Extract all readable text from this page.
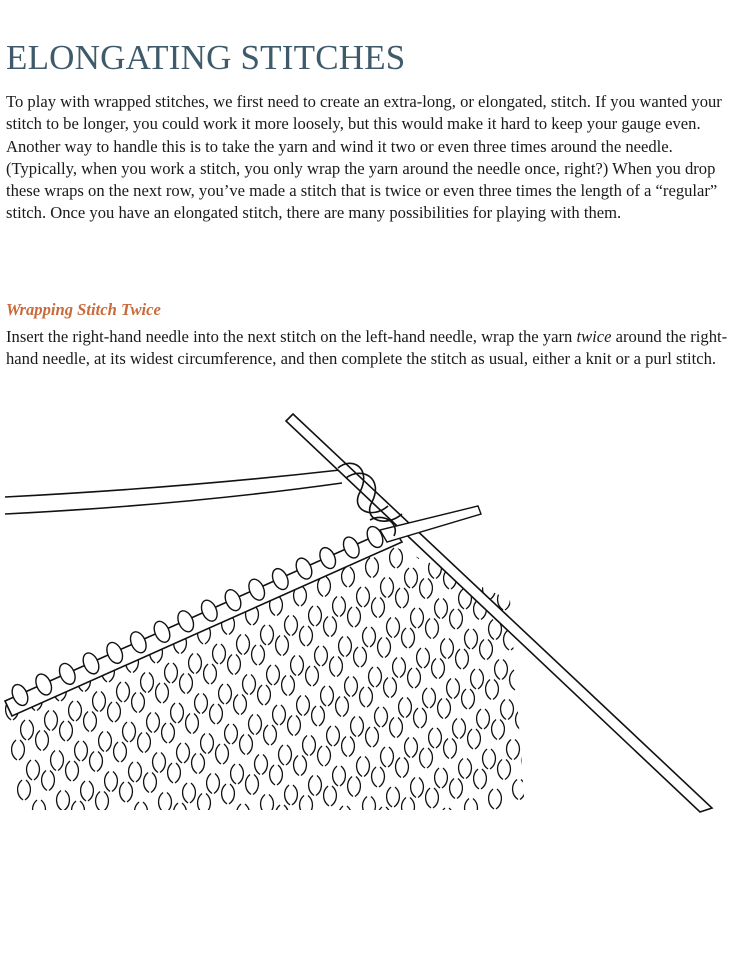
ELONGATING STITCHES

To play with wrapped stitches, we first need to create an extra-long, or elongated, stitch. If you wanted your stitch to be longer, you could work it more loosely, but this would make it hard to keep your gauge even. Another way to handle this is to take the yarn and wind it two or even three times around the needle. (Typically, when you work a stitch, you only wrap the yarn around the needle once, right?) When you drop these wraps on the next row, you’ve made a stitch that is twice or even three times the length of a “regular” stitch. Once you have an elongated stitch, there are many possibilities for playing with them.

Wrapping Stitch Twice

Insert the right-hand needle into the next stitch on the left-hand needle, wrap the yarn twice around the right-hand needle, at its widest circumference, and then complete the stitch as usual, either a knit or a purl stitch.
